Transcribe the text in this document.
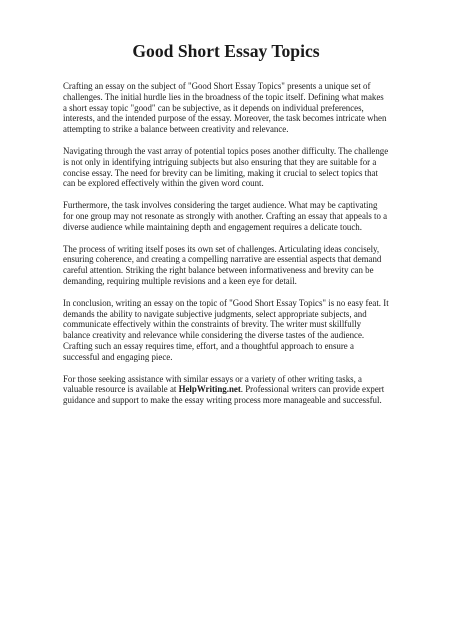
Good Short Essay Topics

Crafting an essay on the subject of "Good Short Essay Topics" presents a unique set of challenges. The initial hurdle lies in the broadness of the topic itself. Defining what makes a short essay topic "good" can be subjective, as it depends on individual preferences, interests, and the intended purpose of the essay. Moreover, the task becomes intricate when attempting to strike a balance between creativity and relevance.

Navigating through the vast array of potential topics poses another difficulty. The challenge is not only in identifying intriguing subjects but also ensuring that they are suitable for a concise essay. The need for brevity can be limiting, making it crucial to select topics that can be explored effectively within the given word count.

Furthermore, the task involves considering the target audience. What may be captivating for one group may not resonate as strongly with another. Crafting an essay that appeals to a diverse audience while maintaining depth and engagement requires a delicate touch.

The process of writing itself poses its own set of challenges. Articulating ideas concisely, ensuring coherence, and creating a compelling narrative are essential aspects that demand careful attention. Striking the right balance between informativeness and brevity can be demanding, requiring multiple revisions and a keen eye for detail.

In conclusion, writing an essay on the topic of "Good Short Essay Topics" is no easy feat. It demands the ability to navigate subjective judgments, select appropriate subjects, and communicate effectively within the constraints of brevity. The writer must skillfully balance creativity and relevance while considering the diverse tastes of the audience. Crafting such an essay requires time, effort, and a thoughtful approach to ensure a successful and engaging piece.

For those seeking assistance with similar essays or a variety of other writing tasks, a valuable resource is available at HelpWriting.net. Professional writers can provide expert guidance and support to make the essay writing process more manageable and successful.
